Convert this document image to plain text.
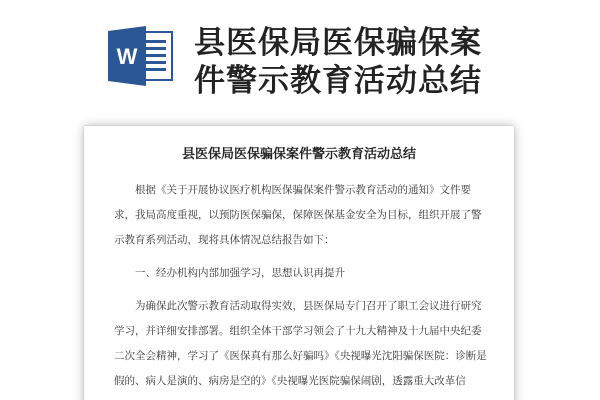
W 县医保局医保骗保案
件警示教育活动总结
县医保局医保骗保案件警示教育活动总结

根据《关于开展协议医疗机构医保骗保案件警示教育活动的通知》文件要求，我局高度重视，以预防医保骗保，保障医保基金安全为目标，组织开展了警示教育系列活动，现将具体情况总结报告如下：

一、经办机构内部加强学习，思想认识再提升

为确保此次警示教育活动取得实效，县医保局专门召开了职工会议进行研究学习，并详细安排部署。组织全体干部学习领会了十九大精神及十九届中央纪委二次全会精神，学习了《医保真有那么好骗吗》《央视曝光沈阳骗保医院：诊断是假的、病人是演的、病房是空的》《央视曝光医院骗保闹剧，透露重大改革信
